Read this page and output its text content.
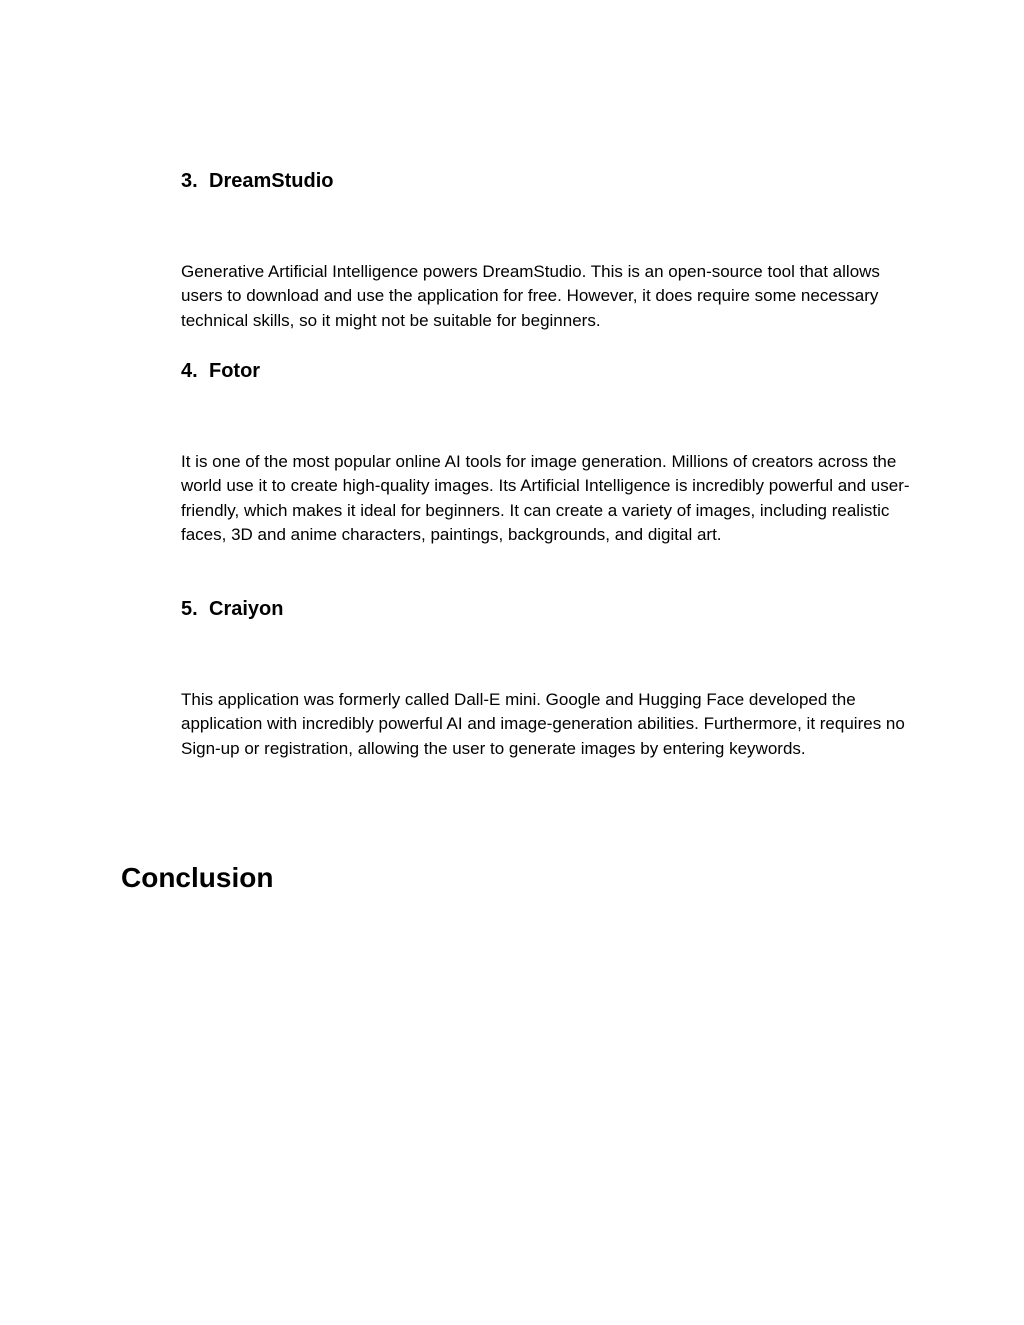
3. DreamStudio

Generative Artificial Intelligence powers DreamStudio. This is an open-source tool that allows users to download and use the application for free. However, it does require some necessary technical skills, so it might not be suitable for beginners.

4. Fotor

It is one of the most popular online AI tools for image generation. Millions of creators across the world use it to create high-quality images. Its Artificial Intelligence is incredibly powerful and user-friendly, which makes it ideal for beginners. It can create a variety of images, including realistic faces, 3D and anime characters, paintings, backgrounds, and digital art.

5. Craiyon

This application was formerly called Dall-E mini. Google and Hugging Face developed the application with incredibly powerful AI and image-generation abilities. Furthermore, it requires no Sign-up or registration, allowing the user to generate images by entering keywords.

Conclusion
